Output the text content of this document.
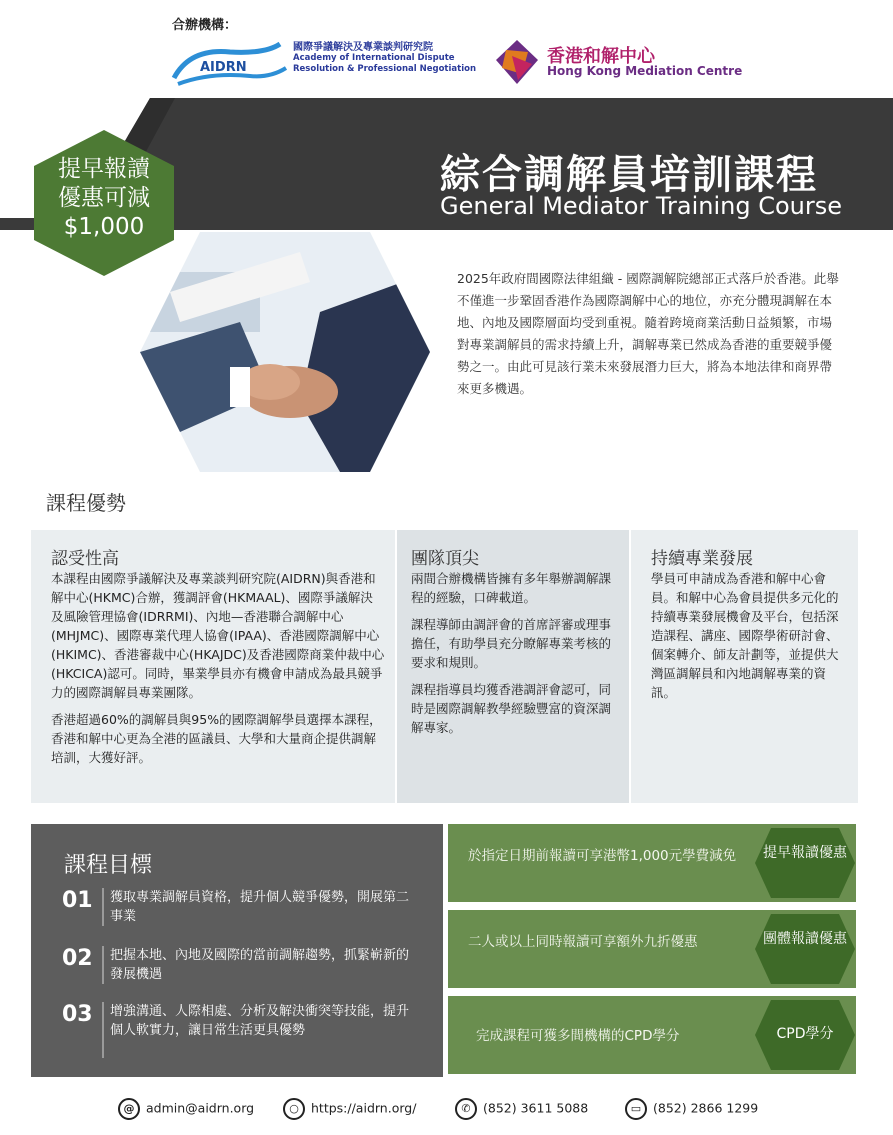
合辦機構：
AIDRN
國際爭議解決及專業談判研究院
Academy of International Dispute Resolution & Professional Negotiation
香港和解中心
Hong Kong Mediation Centre
綜合調解員培訓課程
General Mediator Training Course
提早報讀
優惠可減
$1,000
2025年政府間國際法律組織 - 國際調解院總部正式落戶於香港。此舉不僅進一步鞏固香港作為國際調解中心的地位，亦充分體現調解在本地、內地及國際層面均受到重視。隨着跨境商業活動日益頻繁，市場對專業調解員的需求持續上升，調解專業已然成為香港的重要競爭優勢之一。由此可見該行業未來發展潛力巨大，將為本地法律和商界帶來更多機遇。
課程優勢
認受性高

本課程由國際爭議解決及專業談判研究院(AIDRN)與香港和解中心(HKMC)合辦，獲調評會(HKMAAL)、國際爭議解決及風險管理協會(IDRRMI)、內地—香港聯合調解中心(MHJMC)、國際專業代理人協會(IPAA)、香港國際調解中心(HKIMC)、香港審裁中心(HKAJDC)及香港國際商業仲裁中心(HKCICA)認可。同時，畢業學員亦有機會申請成為最具競爭力的國際調解員專業團隊。

香港超過60%的調解員與95%的國際調解學員選擇本課程，香港和解中心更為全港的區議員、大學和大量商企提供調解培訓，大獲好評。

團隊頂尖

兩間合辦機構皆擁有多年舉辦調解課程的經驗，口碑載道。

課程導師由調評會的首席評審或理事擔任，有助學員充分瞭解專業考核的要求和規則。

課程指導員均獲香港調評會認可，同時是國際調解教學經驗豐富的資深調解專家。

持續專業發展

學員可申請成為香港和解中心會員。和解中心為會員提供多元化的持續專業發展機會及平台，包括深造課程、講座、國際學術研討會、個案轉介、師友計劃等，並提供大灣區調解員和內地調解專業的資訊。

課程目標
01	獲取專業調解員資格，提升個人競爭優勢，開展第二事業
02	把握本地、內地及國際的當前調解趨勢，抓緊嶄新的發展機遇
03	增強溝通、人際相處、分析及解決衝突等技能，提升個人軟實力，讓日常生活更具優勢
於指定日期前報讀可享港幣1,000元學費減免	提早報讀優惠
二人或以上同時報讀可享額外九折優惠	團體報讀優惠
完成課程可獲多間機構的CPD學分	CPD學分
@ admin@aidrn.org	○ https://aidrn.org/	✆ (852) 3611 5088	▭ (852) 2866 1299
